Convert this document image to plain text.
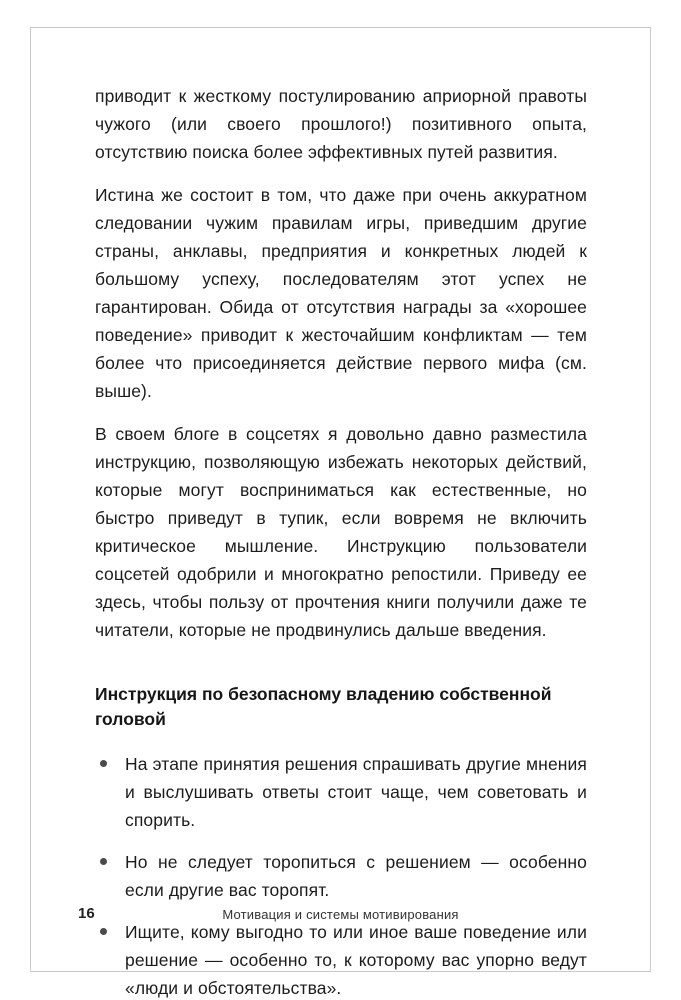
приводит к жесткому постулированию априорной правоты чужого (или своего прошлого!) позитивного опыта, отсутствию поиска более эффективных путей развития.

Истина же состоит в том, что даже при очень аккуратном следовании чужим правилам игры, приведшим другие страны, анклавы, предприятия и конкретных людей к большому успеху, последователям этот успех не гарантирован. Обида от отсутствия награды за «хорошее поведение» приводит к жесточайшим конфликтам — тем более что присоединяется действие первого мифа (см. выше).

В своем блоге в соцсетях я довольно давно разместила инструкцию, позволяющую избежать некоторых действий, которые могут восприниматься как естественные, но быстро приведут в тупик, если вовремя не включить критическое мышление. Инструкцию пользователи соцсетей одобрили и многократно репостили. Приведу ее здесь, чтобы пользу от прочтения книги получили даже те читатели, которые не продвинулись дальше введения.

Инструкция по безопасному владению собственной головой
На этапе принятия решения спрашивать другие мнения и выслушивать ответы стоит чаще, чем советовать и спорить.
Но не следует торопиться с решением — особенно если другие вас торопят.
Ищите, кому выгодно то или иное ваше поведение или решение — особенно то, к которому вас упорно ведут «люди и обстоятельства».
16	Мотивация и системы мотивирования
